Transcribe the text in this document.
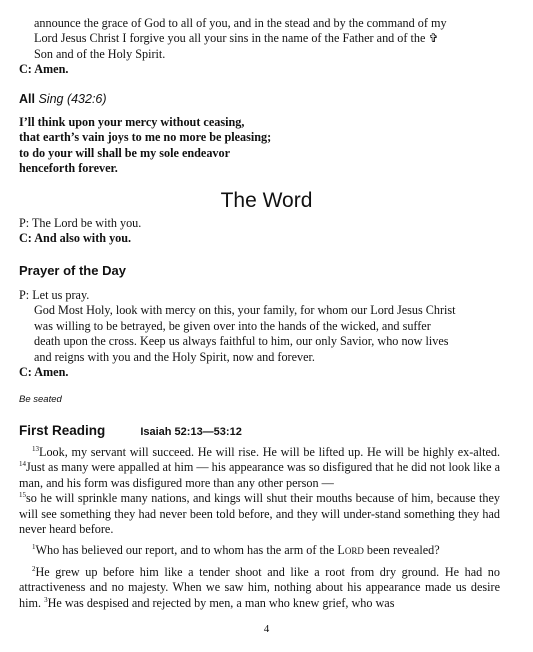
announce the grace of God to all of you, and in the stead and by the command of my
Lord Jesus Christ I forgive you all your sins in the name of the Father and of the ✞
Son and of the Holy Spirit.
C: Amen.
All Sing (432:6)
I’ll think upon your mercy without ceasing,
that earth’s vain joys to me no more be pleasing;
to do your will shall be my sole endeavor
henceforth forever.
The Word
P: The Lord be with you.
C: And also with you.
Prayer of the Day
P: Let us pray.
God Most Holy, look with mercy on this, your family, for whom our Lord Jesus Christ
was willing to be betrayed, be given over into the hands of the wicked, and suffer
death upon the cross. Keep us always faithful to him, our only Savior, who now lives
and reigns with you and the Holy Spirit, now and forever.
C: Amen.
Be seated
First Reading	Isaiah 52:13—53:12

$^{13}$Look, my servant will succeed. He will rise. He will be lifted up. He will be highly ex-alted. $^{14}$Just as many were appalled at him — his appearance was so disfigured that he did not look like a man, and his form was disfigured more than any other person —
$^{15}$so he will sprinkle many nations, and kings will shut their mouths because of him, because they will see something they had never been told before, and they will under-stand something they had never heard before.

$^1$Who has believed our report, and to whom has the arm of the Lord been revealed?

$^2$He grew up before him like a tender shoot and like a root from dry ground. He had no attractiveness and no majesty. When we saw him, nothing about his appearance made us desire him. $^3$He was despised and rejected by men, a man who knew grief, who was

4
